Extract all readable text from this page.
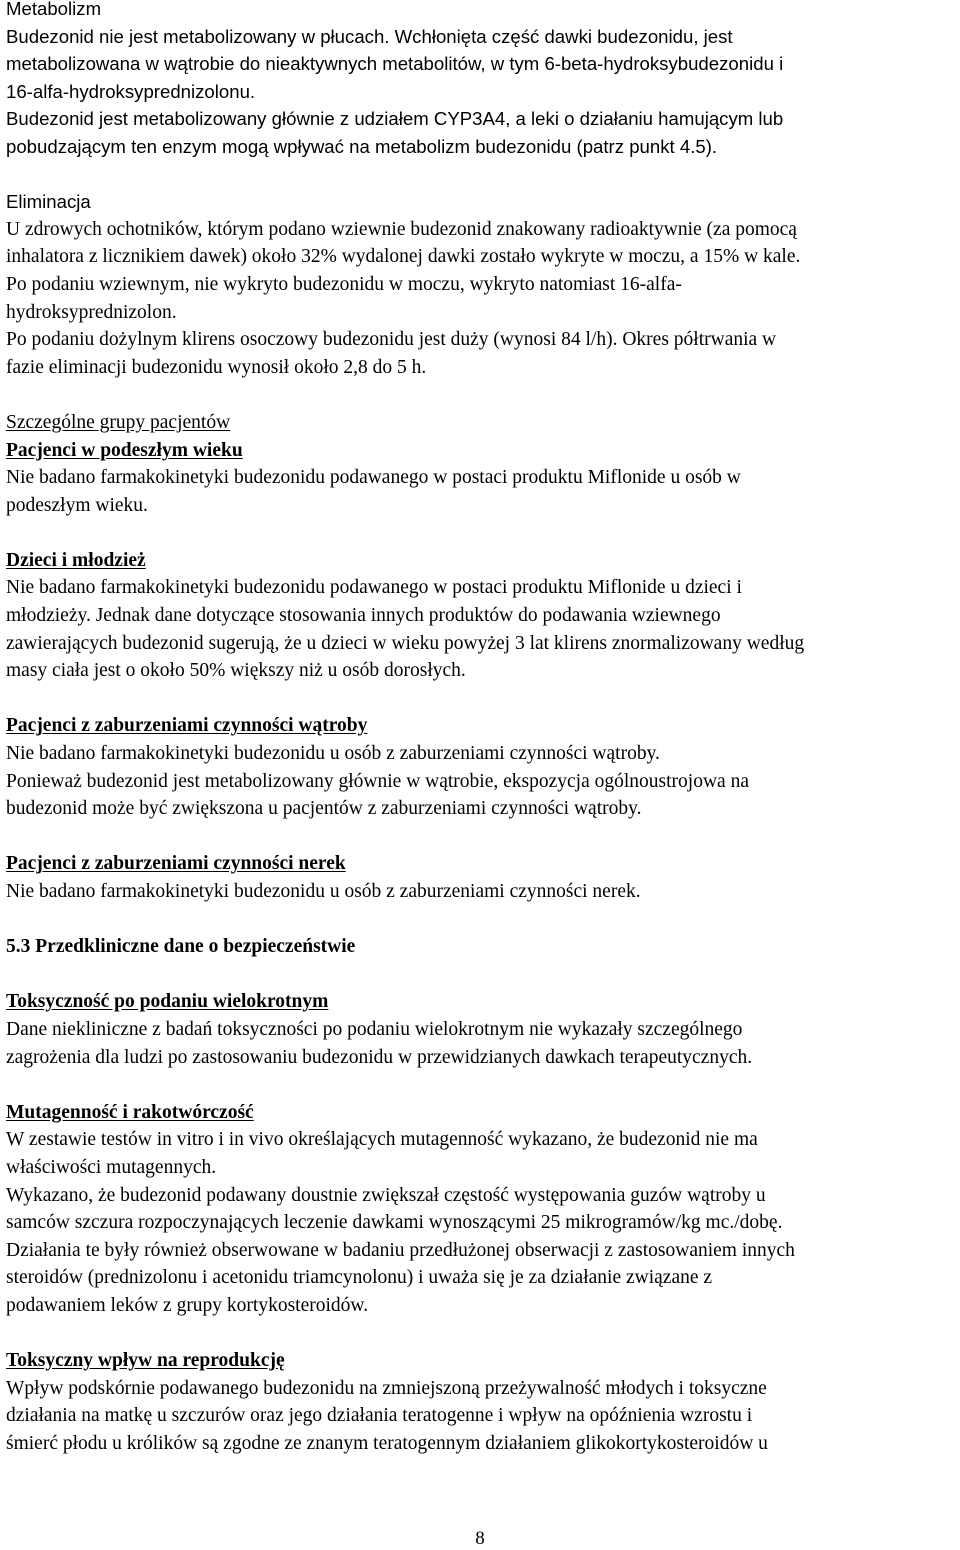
Metabolizm
Budezonid nie jest metabolizowany w płucach. Wchłonięta część dawki budezonidu, jest
metabolizowana w wątrobie do nieaktywnych metabolitów, w tym 6-beta-hydroksybudezonidu i
16-alfa-hydroksyprednizolonu.
Budezonid jest metabolizowany głównie z udziałem CYP3A4, a leki o działaniu hamującym lub
pobudzającym ten enzym mogą wpływać na metabolizm budezonidu (patrz punkt 4.5).
Eliminacja
U zdrowych ochotników, którym podano wziewnie budezonid znakowany radioaktywnie (za pomocą
inhalatora z licznikiem dawek) około 32% wydalonej dawki zostało wykryte w moczu, a 15% w kale.
Po podaniu wziewnym, nie wykryto budezonidu w moczu, wykryto natomiast 16-alfa-
hydroksyprednizolon.
Po podaniu dożylnym klirens osoczowy budezonidu jest duży (wynosi 84 l/h). Okres półtrwania w
fazie eliminacji budezonidu wynosił około 2,8 do 5 h.
Szczególne grupy pacjentów
Pacjenci w podeszłym wieku
Nie badano farmakokinetyki budezonidu podawanego w postaci produktu Miflonide u osób w
podeszłym wieku.
Dzieci i młodzież
Nie badano farmakokinetyki budezonidu podawanego w postaci produktu Miflonide u dzieci i
młodzieży. Jednak dane dotyczące stosowania innych produktów do podawania wziewnego
zawierających budezonid sugerują, że u dzieci w wieku powyżej 3 lat klirens znormalizowany według
masy ciała jest o około 50% większy niż u osób dorosłych.
Pacjenci z zaburzeniami czynności wątroby
Nie badano farmakokinetyki budezonidu u osób z zaburzeniami czynności wątroby.
Ponieważ budezonid jest metabolizowany głównie w wątrobie, ekspozycja ogólnoustrojowa na
budezonid może być zwiększona u pacjentów z zaburzeniami czynności wątroby.
Pacjenci z zaburzeniami czynności nerek
Nie badano farmakokinetyki budezonidu u osób z zaburzeniami czynności nerek.
5.3 Przedkliniczne dane o bezpieczeństwie
Toksyczność po podaniu wielokrotnym
Dane niekliniczne z badań toksyczności po podaniu wielokrotnym nie wykazały szczególnego
zagrożenia dla ludzi po zastosowaniu budezonidu w przewidzianych dawkach terapeutycznych.
Mutagenność i rakotwórczość
W zestawie testów in vitro i in vivo określających mutagenność wykazano, że budezonid nie ma
właściwości mutagennych.
Wykazano, że budezonid podawany doustnie zwiększał częstość występowania guzów wątroby u
samców szczura rozpoczynających leczenie dawkami wynoszącymi 25 mikrogramów/kg mc./dobę.
Działania te były również obserwowane w badaniu przedłużonej obserwacji z zastosowaniem innych
steroidów (prednizolonu i acetonidu triamcynolonu) i uważa się je za działanie związane z
podawaniem leków z grupy kortykosteroidów.
Toksyczny wpływ na reprodukcję
Wpływ podskórnie podawanego budezonidu na zmniejszoną przeżywalność młodych i toksyczne
działania na matkę u szczurów oraz jego działania teratogenne i wpływ na opóźnienia wzrostu i
śmierć płodu u królików są zgodne ze znanym teratogennym działaniem glikokortykosteroidów u
8
